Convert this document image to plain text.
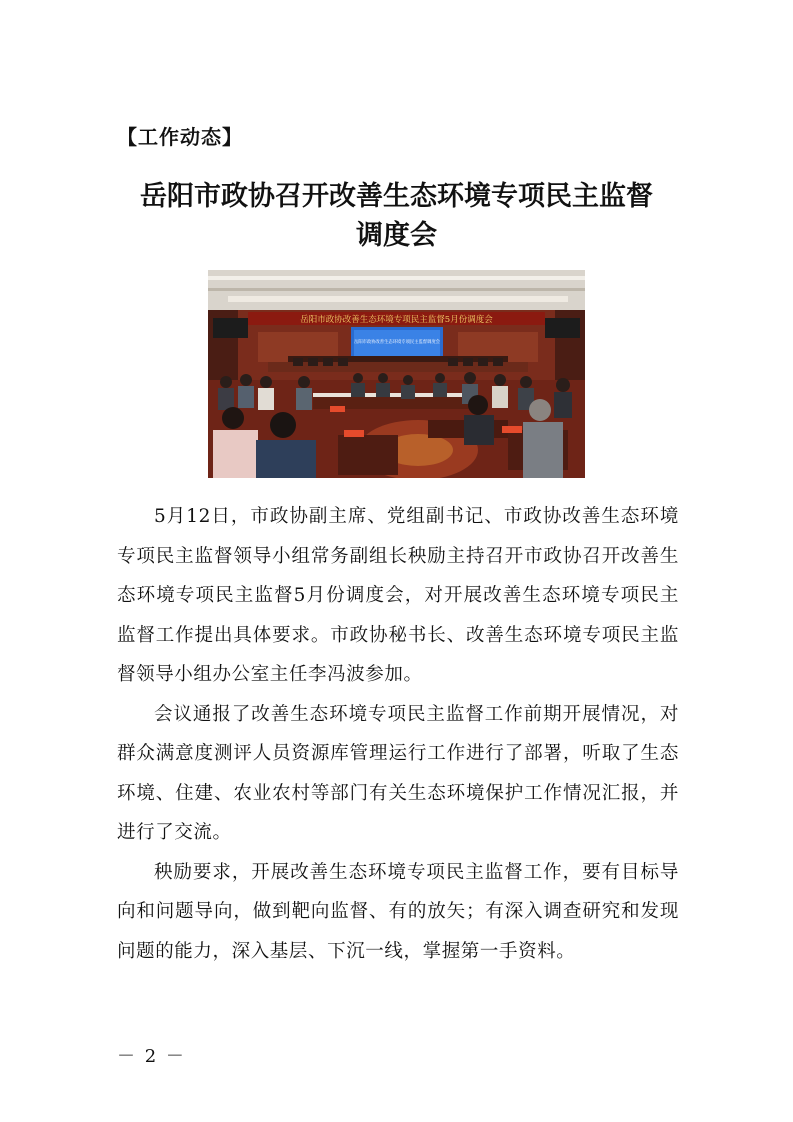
【工作动态】
岳阳市政协召开改善生态环境专项民主监督
调度会
岳阳市政协改善生态环境专项民主监督5月份调度会
岳阳市政协改善生态环境专项民主监督调度会

5月12日，市政协副主席、党组副书记、市政协改善生态环境专项民主监督领导小组常务副组长秧励主持召开市政协召开改善生态环境专项民主监督5月份调度会，对开展改善生态环境专项民主监督工作提出具体要求。市政协秘书长、改善生态环境专项民主监督领导小组办公室主任李冯波参加。

会议通报了改善生态环境专项民主监督工作前期开展情况，对群众满意度测评人员资源库管理运行工作进行了部署，听取了生态环境、住建、农业农村等部门有关生态环境保护工作情况汇报，并进行了交流。

秧励要求，开展改善生态环境专项民主监督工作，要有目标导向和问题导向，做到靶向监督、有的放矢；有深入调查研究和发现问题的能力，深入基层、下沉一线，掌握第一手资料。

－ 2 －
